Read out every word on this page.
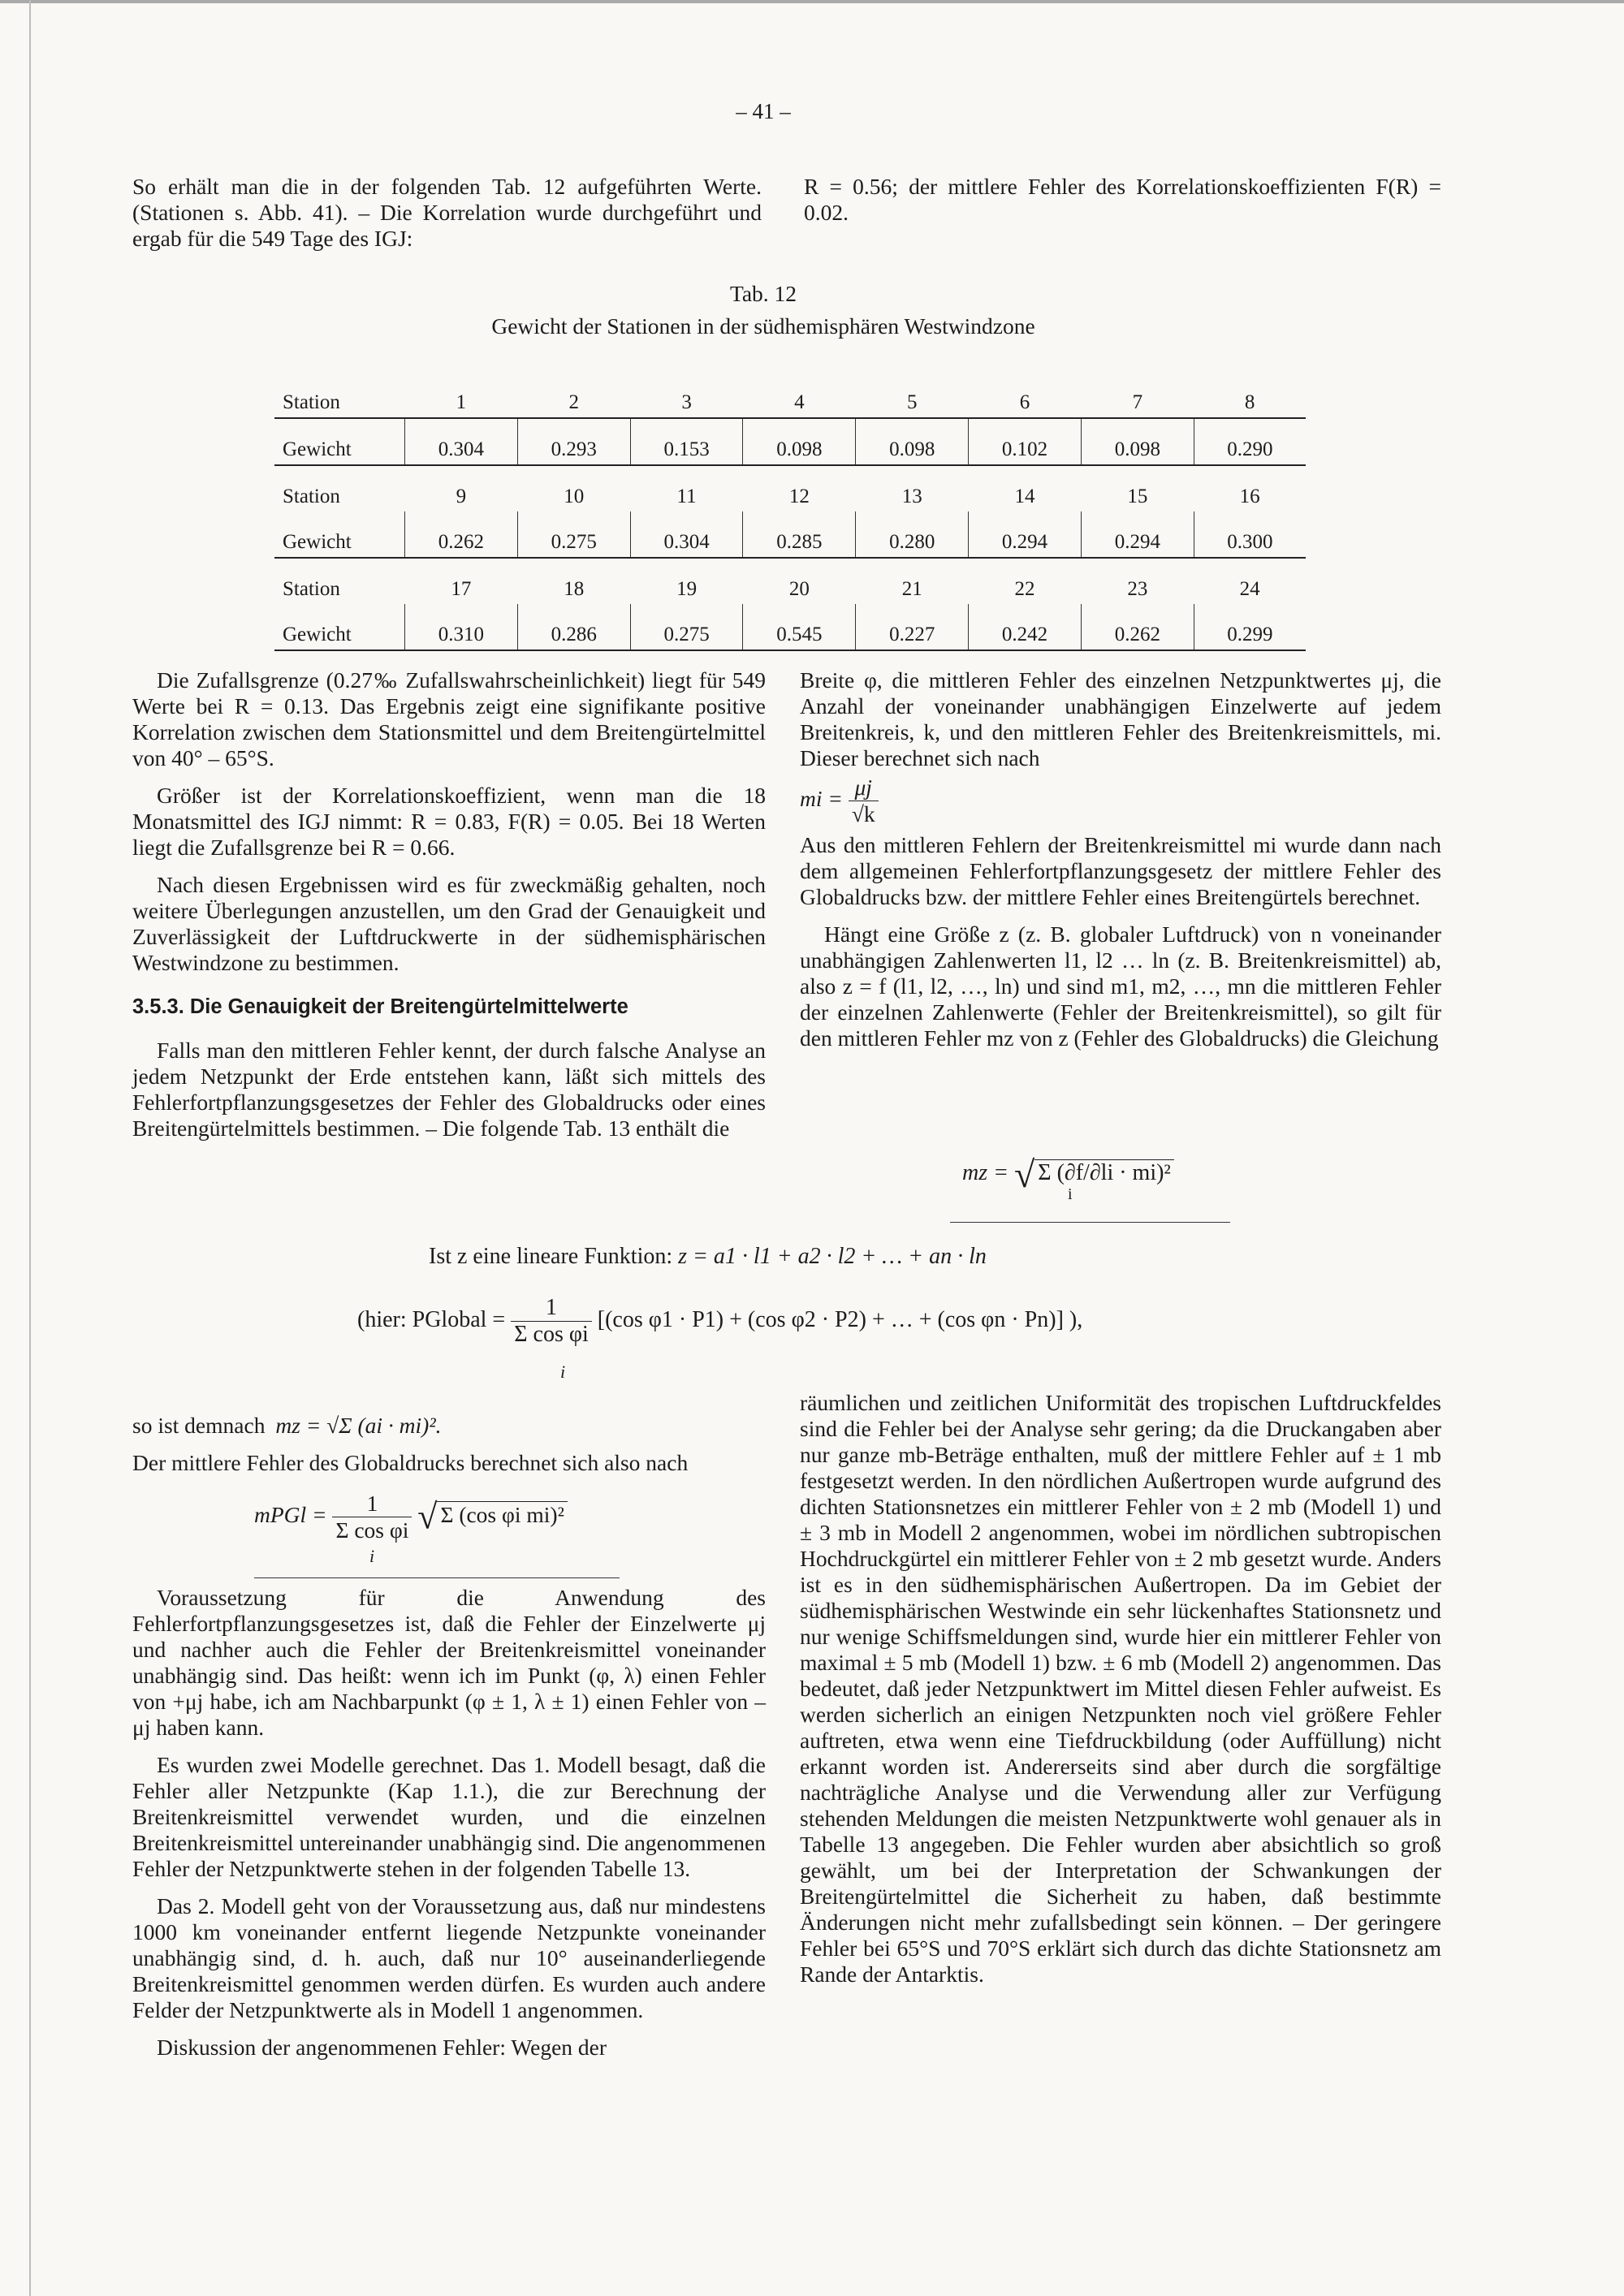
– 41 –

So erhält man die in der folgenden Tab. 12 aufgeführten Werte. (Stationen s. Abb. 41). – Die Korrelation wurde durchgeführt und ergab für die 549 Tage des IGJ:

R = 0.56; der mittlere Fehler des Korrelationskoeffizienten F(R) = 0.02.

Tab. 12
Gewicht der Stationen in der südhemisphären Westwindzone
Station	1	2	3	4	5	6	7	8
Gewicht	0.304	0.293	0.153	0.098	0.098	0.102	0.098	0.290
Station	9	10	11	12	13	14	15	16
Gewicht	0.262	0.275	0.304	0.285	0.280	0.294	0.294	0.300
Station	17	18	19	20	21	22	23	24
Gewicht	0.310	0.286	0.275	0.545	0.227	0.242	0.262	0.299

Die Zufallsgrenze (0.27‰ Zufallswahrscheinlichkeit) liegt für 549 Werte bei R = 0.13. Das Ergebnis zeigt eine signifikante positive Korrelation zwischen dem Stationsmittel und dem Breitengürtelmittel von 40° – 65°S.

Größer ist der Korrelationskoeffizient, wenn man die 18 Monatsmittel des IGJ nimmt: R = 0.83, F(R) = 0.05. Bei 18 Werten liegt die Zufallsgrenze bei R = 0.66.

Nach diesen Ergebnissen wird es für zweckmäßig gehalten, noch weitere Überlegungen anzustellen, um den Grad der Genauigkeit und Zuverlässigkeit der Luftdruckwerte in der südhemisphärischen Westwindzone zu bestimmen.

3.5.3. Die Genauigkeit der Breitengürtelmittelwerte

Falls man den mittleren Fehler kennt, der durch falsche Analyse an jedem Netzpunkt der Erde entstehen kann, läßt sich mittels des Fehlerfortpflanzungsgesetzes der Fehler des Globaldrucks oder eines Breitengürtelmittels bestimmen. – Die folgende Tab. 13 enthält die

Breite φ, die mittleren Fehler des einzelnen Netzpunktwertes μj, die Anzahl der voneinander unabhängigen Einzelwerte auf jedem Breitenkreis, k, und den mittleren Fehler des Breitenkreismittels, mi. Dieser berechnet sich nach

mi = $\frac{\mu j}{√k}$

Aus den mittleren Fehlern der Breitenkreismittel mi wurde dann nach dem allgemeinen Fehlerfortpflanzungsgesetz der mittlere Fehler des Globaldrucks bzw. der mittlere Fehler eines Breitengürtels berechnet.

Hängt eine Größe z (z. B. globaler Luftdruck) von n voneinander unabhängigen Zahlenwerten l1, l2 … ln (z. B. Breitenkreismittel) ab, also z = f (l1, l2, …, ln) und sind m1, m2, …, mn die mittleren Fehler der einzelnen Zahlenwerte (Fehler der Breitenkreismittel), so gilt für den mittleren Fehler mz von z (Fehler des Globaldrucks) die Gleichung

mz = √ Σ (∂f/∂li · mi)²
i
Ist z eine lineare Funktion: z = a1 · l1 + a2 · l2 + … + an · ln
(hier: PGlobal = $\frac{1}{\text{Σ cos φi}} [(\cos$ φ1 · P1) + (cos φ2 · P2) + … + (cos φn · Pn)] ),
i
so ist demnach mz = √Σ (ai · mi)².

Der mittlere Fehler des Globaldrucks berechnet sich also nach

mPGl = $\frac{1}{\text{Σ cos φi}}$ √ Σ (cos φi mi)²
i

Voraussetzung für die Anwendung des Fehlerfortpflanzungsgesetzes ist, daß die Fehler der Einzelwerte μj und nachher auch die Fehler der Breitenkreismittel voneinander unabhängig sind. Das heißt: wenn ich im Punkt (φ, λ) einen Fehler von +μj habe, ich am Nachbarpunkt (φ ± 1, λ ± 1) einen Fehler von –μj haben kann.

Es wurden zwei Modelle gerechnet. Das 1. Modell besagt, daß die Fehler aller Netzpunkte (Kap 1.1.), die zur Berechnung der Breitenkreismittel verwendet wurden, und die einzelnen Breitenkreismittel untereinander unabhängig sind. Die angenommenen Fehler der Netzpunktwerte stehen in der folgenden Tabelle 13.

Das 2. Modell geht von der Voraussetzung aus, daß nur mindestens 1000 km voneinander entfernt liegende Netzpunkte voneinander unabhängig sind, d. h. auch, daß nur 10° auseinanderliegende Breitenkreismittel genommen werden dürfen. Es wurden auch andere Felder der Netzpunktwerte als in Modell 1 angenommen.

Diskussion der angenommenen Fehler: Wegen der

räumlichen und zeitlichen Uniformität des tropischen Luftdruckfeldes sind die Fehler bei der Analyse sehr gering; da die Druckangaben aber nur ganze mb-Beträge enthalten, muß der mittlere Fehler auf ± 1 mb festgesetzt werden. In den nördlichen Außertropen wurde aufgrund des dichten Stationsnetzes ein mittlerer Fehler von ± 2 mb (Modell 1) und ± 3 mb in Modell 2 angenommen, wobei im nördlichen subtropischen Hochdruckgürtel ein mittlerer Fehler von ± 2 mb gesetzt wurde. Anders ist es in den südhemisphärischen Außertropen. Da im Gebiet der südhemisphärischen Westwinde ein sehr lückenhaftes Stationsnetz und nur wenige Schiffsmeldungen sind, wurde hier ein mittlerer Fehler von maximal ± 5 mb (Modell 1) bzw. ± 6 mb (Modell 2) angenommen. Das bedeutet, daß jeder Netzpunktwert im Mittel diesen Fehler aufweist. Es werden sicherlich an einigen Netzpunkten noch viel größere Fehler auftreten, etwa wenn eine Tiefdruckbildung (oder Auffüllung) nicht erkannt worden ist. Andererseits sind aber durch die sorgfältige nachträgliche Analyse und die Verwendung aller zur Verfügung stehenden Meldungen die meisten Netzpunktwerte wohl genauer als in Tabelle 13 angegeben. Die Fehler wurden aber absichtlich so groß gewählt, um bei der Interpretation der Schwankungen der Breitengürtelmittel die Sicherheit zu haben, daß bestimmte Änderungen nicht mehr zufallsbedingt sein können. – Der geringere Fehler bei 65°S und 70°S erklärt sich durch das dichte Stationsnetz am Rande der Antarktis.
